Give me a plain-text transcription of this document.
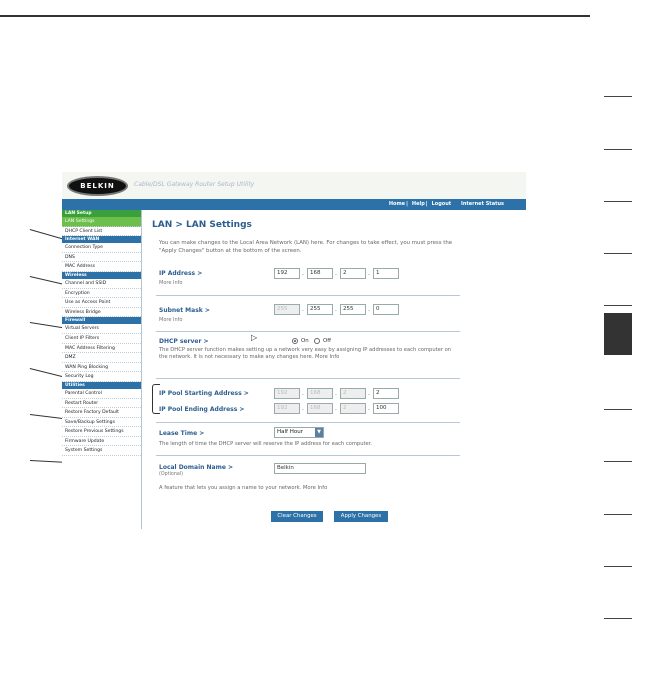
BELKIN	Cable/DSL Gateway Router Setup Utility
Home| Help| Logout Internet Status
LAN Setup
LAN Settings
DHCP Client List
Internet WAN
Connection Type
DNS
MAC Address
Wireless
Channel and SSID
Encryption
Use as Access Point
Wireless Bridge
Firewall
Virtual Servers
Client IP Filters
MAC Address Filtering
DMZ
WAN Ping Blocking
Security Log
Utilities
Parental Control
Restart Router
Restore Factory Default
Save/Backup Settings
Restore Previous Settings
Firmware Update
System Settings
LAN > LAN Settings
You can make changes to the Local Area Network (LAN) here. For changes to take effect, you must press the "Apply Changes" button at the bottom of the screen.
IP Address >
More Info
192	.	168	.	2	.	1
Subnet Mask >
More Info
255	.	255	.	255	.	0
DHCP server >	On	Off
▷
The DHCP server function makes setting up a network very easy by assigning IP addresses to each computer on the network. It is not necessary to make any changes here. More Info
IP Pool Starting Address >	192	.	168	.	2	.	2
IP Pool Ending Address >	192	.	168	.	2	.	100
Lease Time >	Half Hour	▼
The length of time the DHCP server will reserve the IP address for each computer.
Local Domain Name >
(Optional)
Belkin
A feature that lets you assign a name to your network. More Info
Clear Changes	Apply Changes
